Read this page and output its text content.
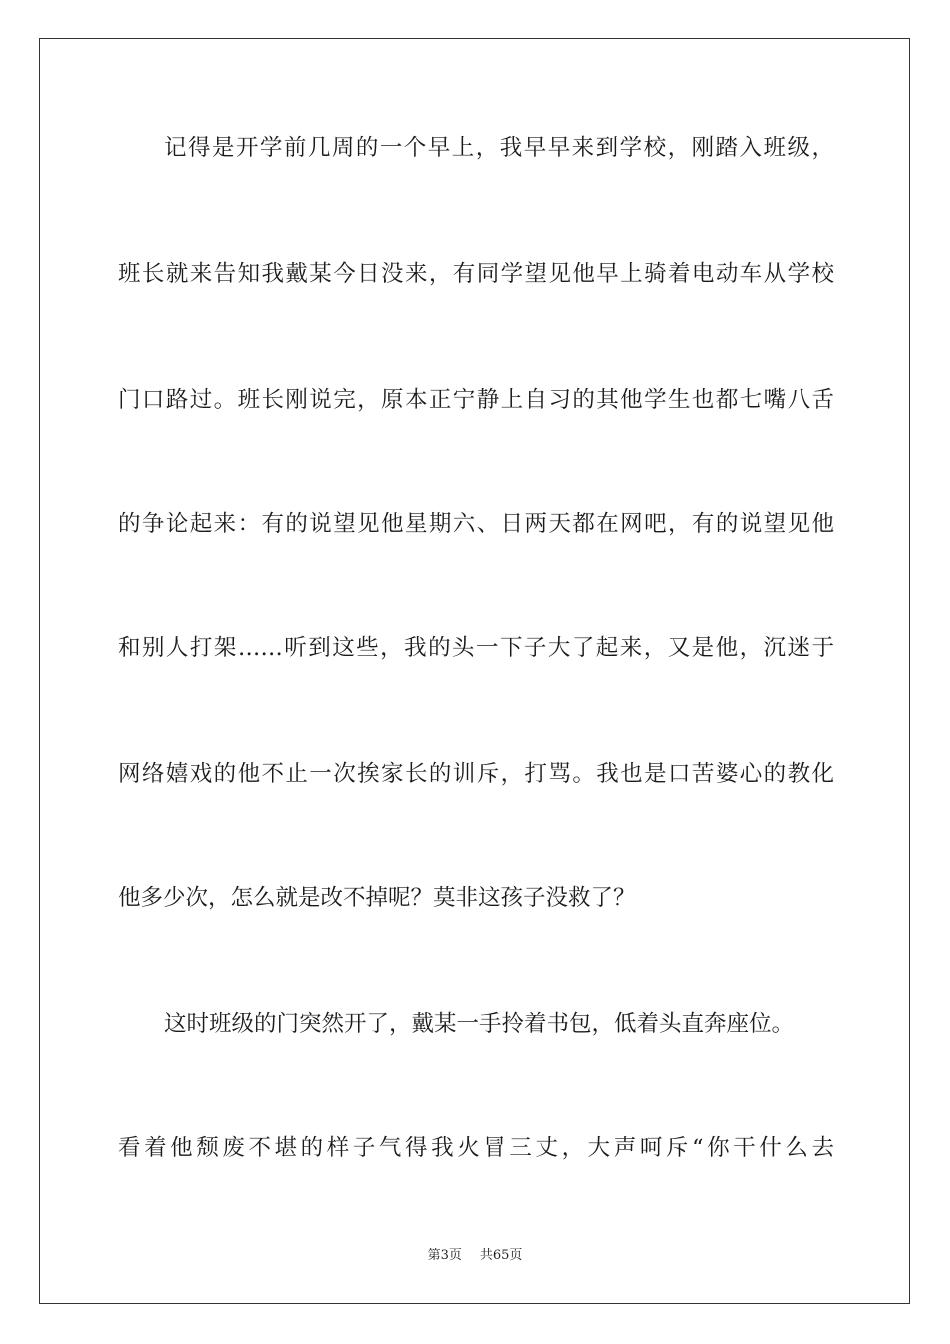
记得是开学前几周的一个早上，我早早来到学校，刚踏入班级，

班长就来告知我戴某今日没来，有同学望见他早上骑着电动车从学校

门口路过。班长刚说完，原本正宁静上自习的其他学生也都七嘴八舌

的争论起来：有的说望见他星期六、日两天都在网吧，有的说望见他

和别人打架……听到这些，我的头一下子大了起来，又是他，沉迷于

网络嬉戏的他不止一次挨家长的训斥，打骂。我也是口苦婆心的教化

他多少次，怎么就是改不掉呢？莫非这孩子没救了？

这时班级的门突然开了，戴某一手拎着书包，低着头直奔座位。

看着他颓废不堪的样子气得我火冒三丈，大声呵斥“你干什么去

第3页 共65页
